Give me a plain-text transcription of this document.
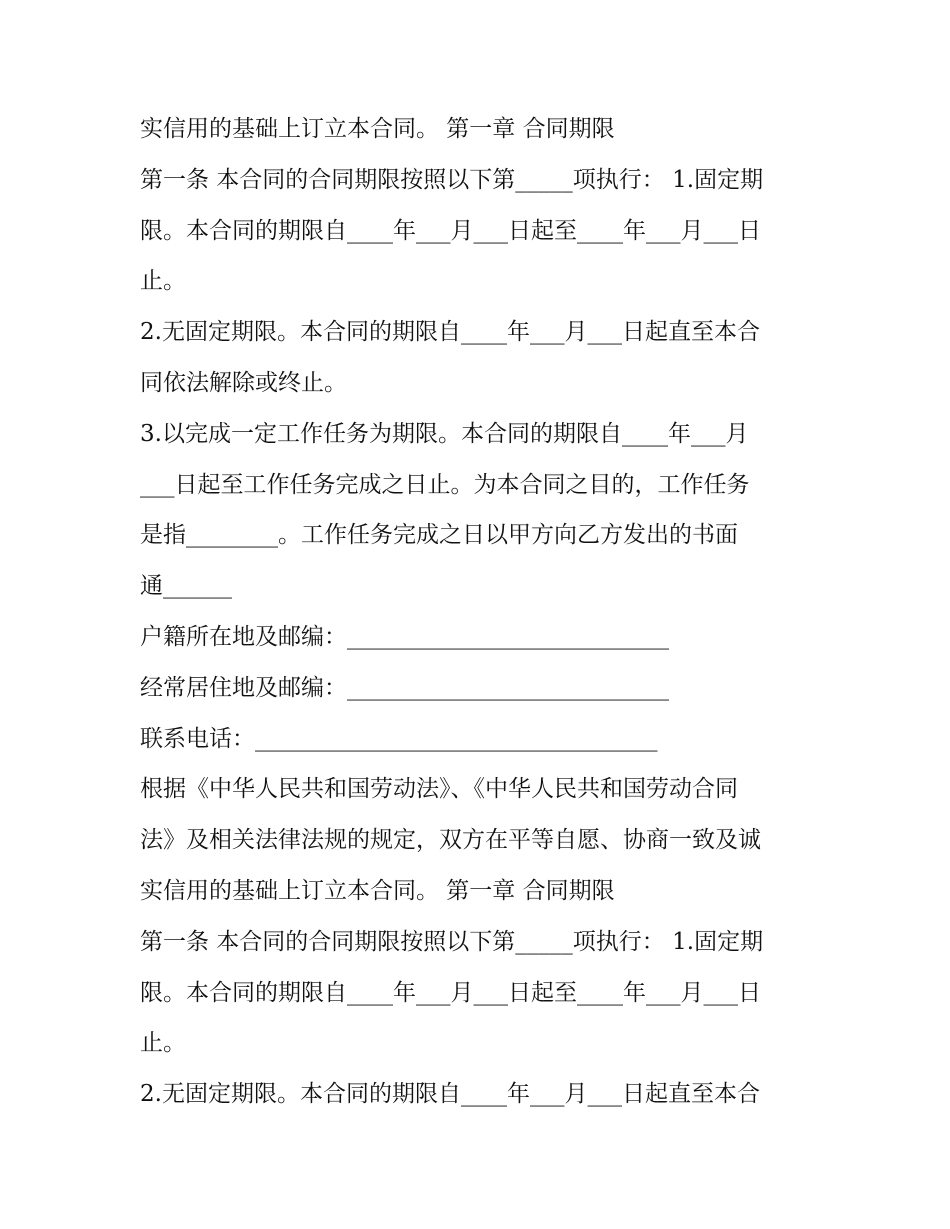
实信用的基础上订立本合同。 第一章 合同期限
第一条 本合同的合同期限按照以下第_____项执行： 1.固定期
限。本合同的期限自____年___月___日起至____年___月___日
止。
2.无固定期限。本合同的期限自____年___月___日起直至本合
同依法解除或终止。
3.以完成一定工作任务为期限。本合同的期限自____年___月
___日起至工作任务完成之日止。为本合同之目的，工作任务
是指________。工作任务完成之日以甲方向乙方发出的书面
通______
户籍所在地及邮编：____________________________
经常居住地及邮编：____________________________
联系电话：___________________________________
根据《中华人民共和国劳动法》、《中华人民共和国劳动合同
法》及相关法律法规的规定，双方在平等自愿、协商一致及诚
实信用的基础上订立本合同。 第一章 合同期限
第一条 本合同的合同期限按照以下第_____项执行： 1.固定期
限。本合同的期限自____年___月___日起至____年___月___日
止。
2.无固定期限。本合同的期限自____年___月___日起直至本合
